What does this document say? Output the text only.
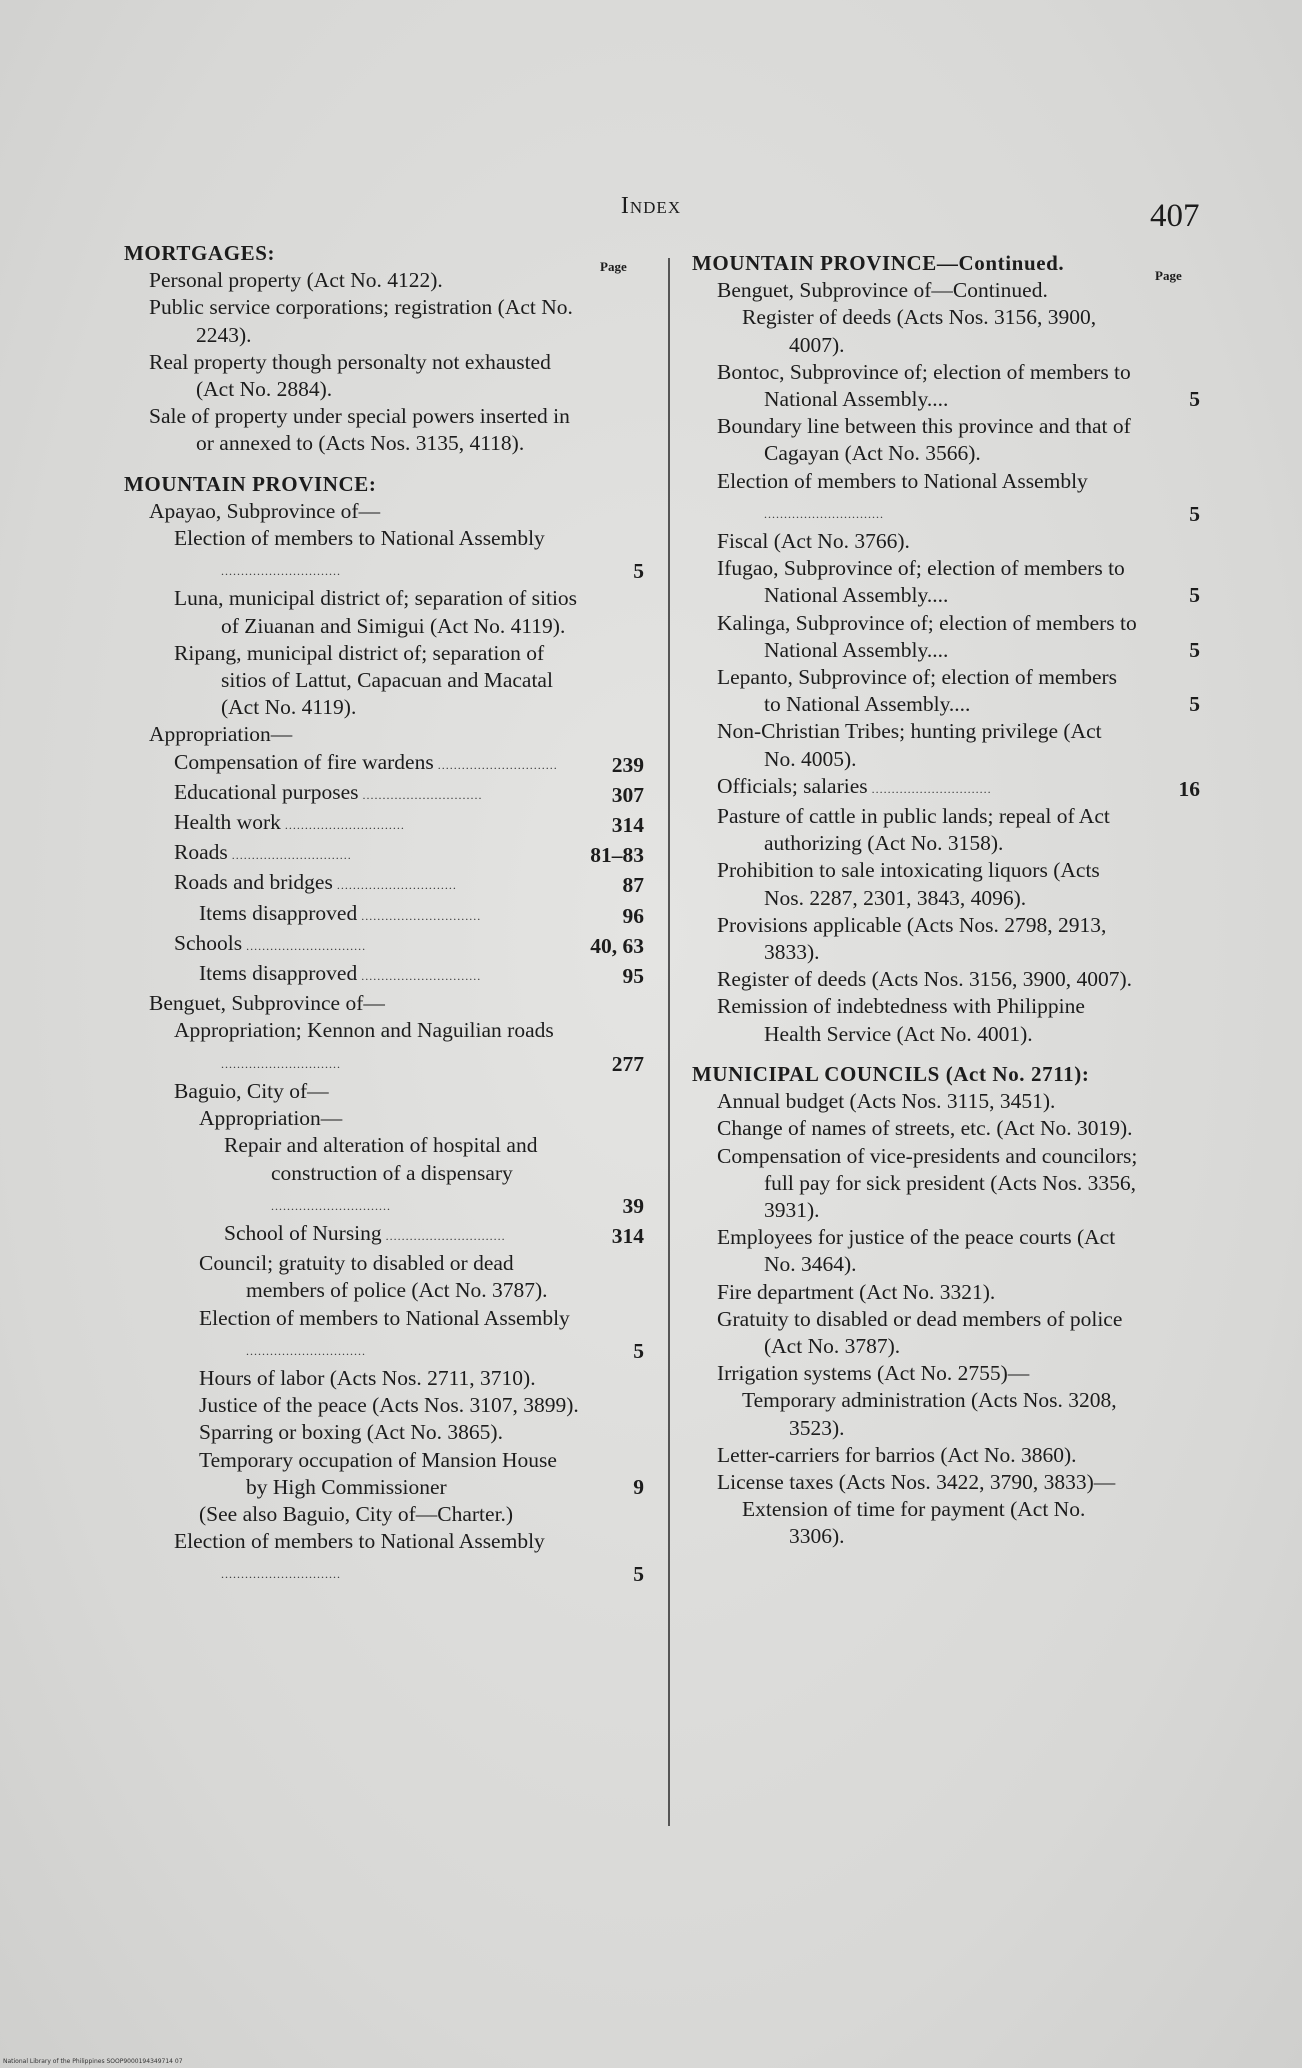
Index	407
Page
Page
MORTGAGES:
Personal property (Act No. 4122).
Public service corporations; registration (Act No. 2243).
Real property though personalty not exhausted (Act No. 2884).
Sale of property under special powers inserted in or annexed to (Acts Nos. 3135, 4118).
MOUNTAIN PROVINCE:
Apayao, Subprovince of—
Election of members to National Assembly ..............................	5
Luna, municipal district of; separation of sitios of Ziuanan and Simigui (Act No. 4119).
Ripang, municipal district of; separation of sitios of Lattut, Capacuan and Macatal (Act No. 4119).
Appropriation—
Compensation of fire wardens ..............................	239
Educational purposes ..............................	307
Health work ..............................	314
Roads ..............................	81–83
Roads and bridges ..............................	87
Items disapproved ..............................	96
Schools ..............................	40, 63
Items disapproved ..............................	95
Benguet, Subprovince of—
Appropriation; Kennon and Naguilian roads ..............................	277
Baguio, City of—
Appropriation—
Repair and alteration of hospital and construction of a dispensary ..............................	39
School of Nursing ..............................	314
Council; gratuity to disabled or dead members of police (Act No. 3787).
Election of members to National Assembly ..............................	5
Hours of labor (Acts Nos. 2711, 3710).
Justice of the peace (Acts Nos. 3107, 3899).
Sparring or boxing (Act No. 3865).
Temporary occupation of Mansion House by High Commissioner	9
(See also Baguio, City of—Charter.)
Election of members to National Assembly ..............................	5
MOUNTAIN PROVINCE—Continued.
Benguet, Subprovince of—Continued.
Register of deeds (Acts Nos. 3156, 3900, 4007).
Bontoc, Subprovince of; election of members to National Assembly....	5
Boundary line between this province and that of Cagayan (Act No. 3566).
Election of members to National Assembly ..............................	5
Fiscal (Act No. 3766).
Ifugao, Subprovince of; election of members to National Assembly....	5
Kalinga, Subprovince of; election of members to National Assembly....	5
Lepanto, Subprovince of; election of members to National Assembly....	5
Non-Christian Tribes; hunting privilege (Act No. 4005).
Officials; salaries ..............................	16
Pasture of cattle in public lands; repeal of Act authorizing (Act No. 3158).
Prohibition to sale intoxicating liquors (Acts Nos. 2287, 2301, 3843, 4096).
Provisions applicable (Acts Nos. 2798, 2913, 3833).
Register of deeds (Acts Nos. 3156, 3900, 4007).
Remission of indebtedness with Philippine Health Service (Act No. 4001).
MUNICIPAL COUNCILS (Act No. 2711):
Annual budget (Acts Nos. 3115, 3451).
Change of names of streets, etc. (Act No. 3019).
Compensation of vice-presidents and councilors; full pay for sick president (Acts Nos. 3356, 3931).
Employees for justice of the peace courts (Act No. 3464).
Fire department (Act No. 3321).
Gratuity to disabled or dead members of police (Act No. 3787).
Irrigation systems (Act No. 2755)—
Temporary administration (Acts Nos. 3208, 3523).
Letter-carriers for barrios (Act No. 3860).
License taxes (Acts Nos. 3422, 3790, 3833)—
Extension of time for payment (Act No. 3306).
National Library of the Philippines SOOP9000194349714 07
